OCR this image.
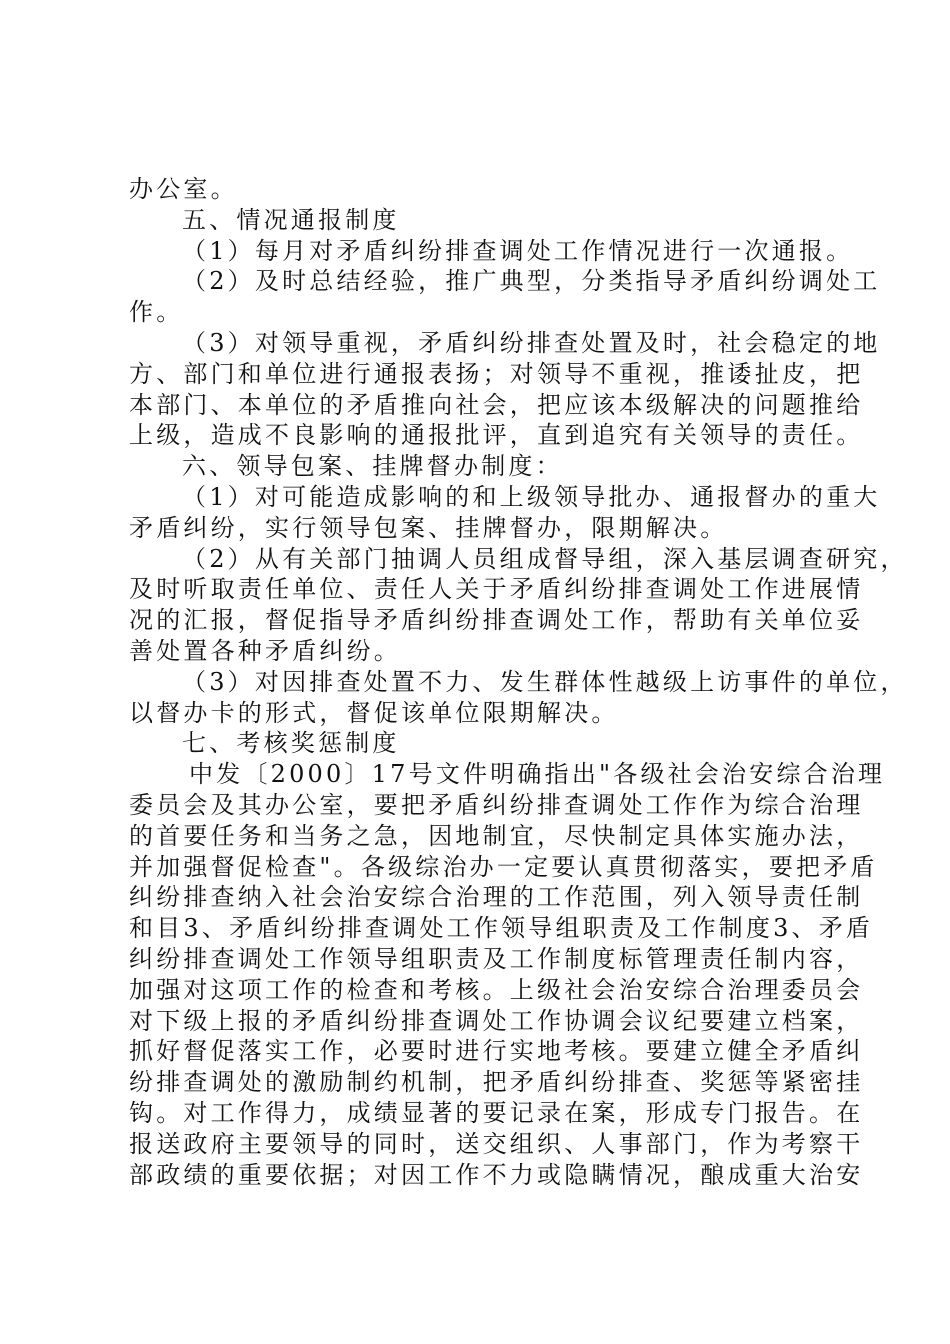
办公室。
五、情况通报制度
（1）每月对矛盾纠纷排查调处工作情况进行一次通报。
（2）及时总结经验，推广典型，分类指导矛盾纠纷调处工
作。
（3）对领导重视，矛盾纠纷排查处置及时，社会稳定的地
方、部门和单位进行通报表扬；对领导不重视，推诿扯皮，把
本部门、本单位的矛盾推向社会，把应该本级解决的问题推给
上级，造成不良影响的通报批评，直到追究有关领导的责任。
六、领导包案、挂牌督办制度：
（1）对可能造成影响的和上级领导批办、通报督办的重大
矛盾纠纷，实行领导包案、挂牌督办，限期解决。
（2）从有关部门抽调人员组成督导组，深入基层调查研究，
及时听取责任单位、责任人关于矛盾纠纷排查调处工作进展情
况的汇报，督促指导矛盾纠纷排查调处工作，帮助有关单位妥
善处置各种矛盾纠纷。
（3）对因排查处置不力、发生群体性越级上访事件的单位，
以督办卡的形式，督促该单位限期解决。
七、考核奖惩制度
中发〔2000〕17号文件明确指出"各级社会治安综合治理
委员会及其办公室，要把矛盾纠纷排查调处工作作为综合治理
的首要任务和当务之急，因地制宜，尽快制定具体实施办法，
并加强督促检查"。各级综治办一定要认真贯彻落实，要把矛盾
纠纷排查纳入社会治安综合治理的工作范围，列入领导责任制
和目3、矛盾纠纷排查调处工作领导组职责及工作制度3、矛盾
纠纷排查调处工作领导组职责及工作制度标管理责任制内容，
加强对这项工作的检查和考核。上级社会治安综合治理委员会
对下级上报的矛盾纠纷排查调处工作协调会议纪要建立档案，
抓好督促落实工作，必要时进行实地考核。要建立健全矛盾纠
纷排查调处的激励制约机制，把矛盾纠纷排查、奖惩等紧密挂
钩。对工作得力，成绩显著的要记录在案，形成专门报告。在
报送政府主要领导的同时，送交组织、人事部门，作为考察干
部政绩的重要依据；对因工作不力或隐瞒情况，酿成重大治安
